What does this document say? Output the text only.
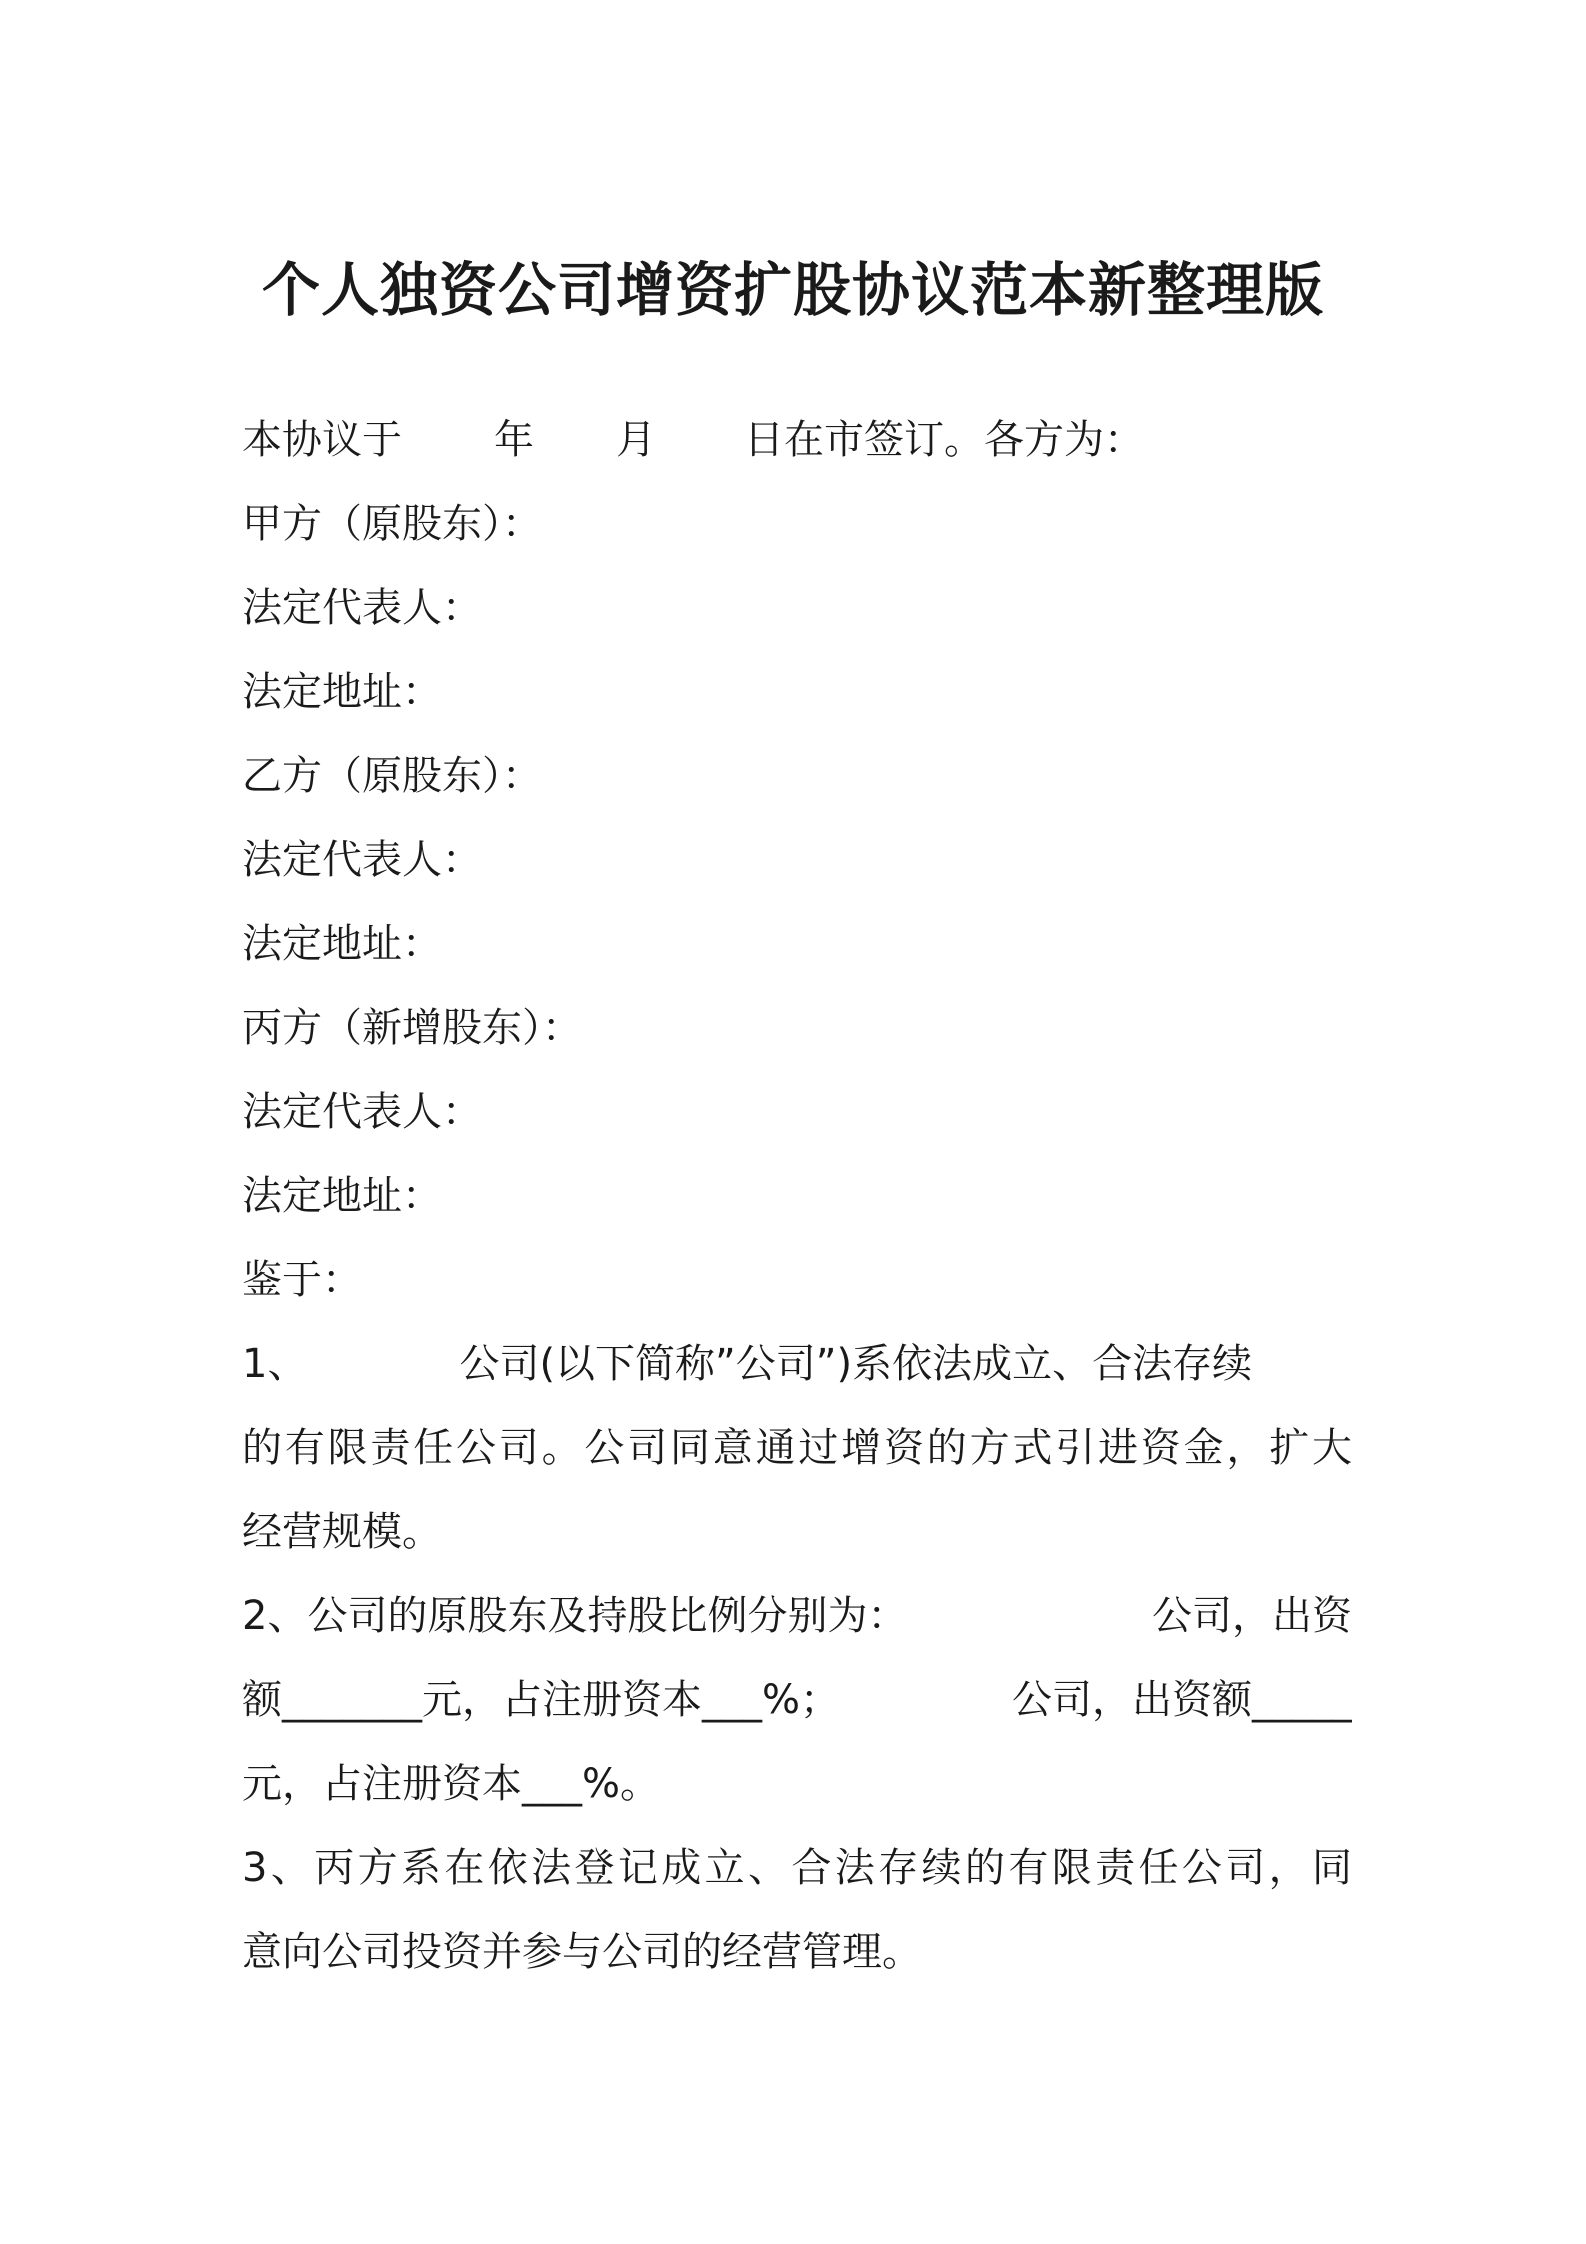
个人独资公司增资扩股协议范本新整理版
本协议于 年 月 日在市签订。各方为：
甲方（原股东）：
法定代表人：
法定地址：
乙方（原股东）：
法定代表人：
法定地址：
丙方（新增股东）：
法定代表人：
法定地址：
鉴于：
1、	公司(以下简称”公司”)系依法成立、合法存续
的有限责任公司。公司同意通过增资的方式引进资金，扩大
经营规模。
2、公司的原股东及持股比例分别为：	公司，出资
额_______元，占注册资本___%；	公司，出资额_____
元，占注册资本___%。
3、丙方系在依法登记成立、合法存续的有限责任公司，同
意向公司投资并参与公司的经营管理。
